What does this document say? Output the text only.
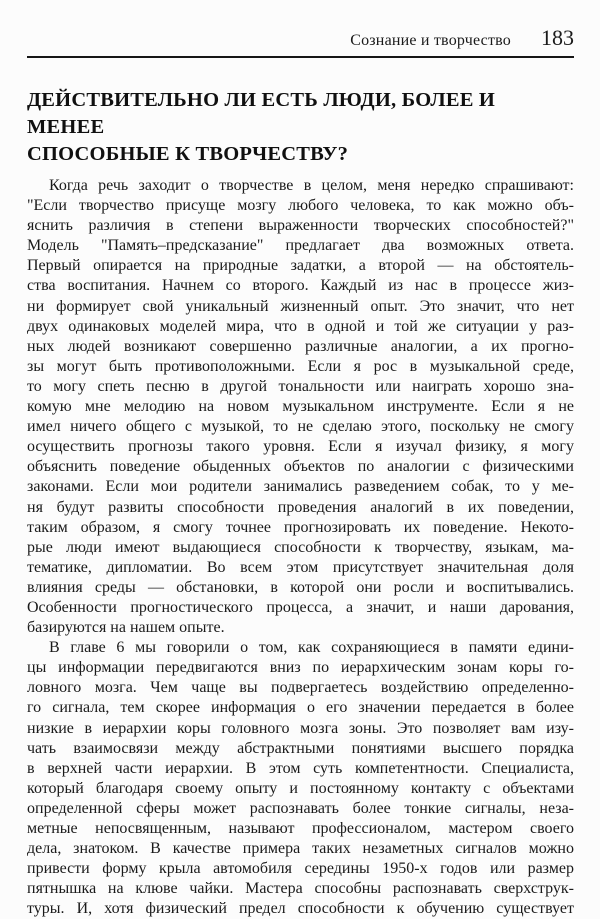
Сознание и творчество 183
ДЕЙСТВИТЕЛЬНО ЛИ ЕСТЬ ЛЮДИ, БОЛЕЕ И МЕНЕЕ
СПОСОБНЫЕ К ТВОРЧЕСТВУ?
Когда речь заходит о творчестве в целом, меня нередко спрашивают:
"Если творчество присуще мозгу любого человека, то как можно объ-
яснить различия в степени выраженности творческих способностей?"
Модель "Память–предсказание" предлагает два возможных ответа.
Первый опирается на природные задатки, а второй — на обстоятель-
ства воспитания. Начнем со второго. Каждый из нас в процессе жиз-
ни формирует свой уникальный жизненный опыт. Это значит, что нет
двух одинаковых моделей мира, что в одной и той же ситуации у раз-
ных людей возникают совершенно различные аналогии, а их прогно-
зы могут быть противоположными. Если я рос в музыкальной среде,
то могу спеть песню в другой тональности или наиграть хорошо зна-
комую мне мелодию на новом музыкальном инструменте. Если я не
имел ничего общего с музыкой, то не сделаю этого, поскольку не смогу
осуществить прогнозы такого уровня. Если я изучал физику, я могу
объяснить поведение обыденных объектов по аналогии с физическими
законами. Если мои родители занимались разведением собак, то у ме-
ня будут развиты способности проведения аналогий в их поведении,
таким образом, я смогу точнее прогнозировать их поведение. Некото-
рые люди имеют выдающиеся способности к творчеству, языкам, ма-
тематике, дипломатии. Во всем этом присутствует значительная доля
влияния среды — обстановки, в которой они росли и воспитывались.
Особенности прогностического процесса, а значит, и наши дарования,
базируются на нашем опыте.
В главе 6 мы говорили о том, как сохраняющиеся в памяти едини-
цы информации передвигаются вниз по иерархическим зонам коры го-
ловного мозга. Чем чаще вы подвергаетесь воздействию определенно-
го сигнала, тем скорее информация о его значении передается в более
низкие в иерархии коры головного мозга зоны. Это позволяет вам изу-
чать взаимосвязи между абстрактными понятиями высшего порядка
в верхней части иерархии. В этом суть компетентности. Специалиста,
который благодаря своему опыту и постоянному контакту с объектами
определенной сферы может распознавать более тонкие сигналы, неза-
метные непосвященным, называют профессионалом, мастером своего
дела, знатоком. В качестве примера таких незаметных сигналов можно
привести форму крыла автомобиля середины 1950-х годов или размер
пятнышка на клюве чайки. Мастера способны распознавать сверхструк-
туры. И, хотя физический предел способности к обучению существует
